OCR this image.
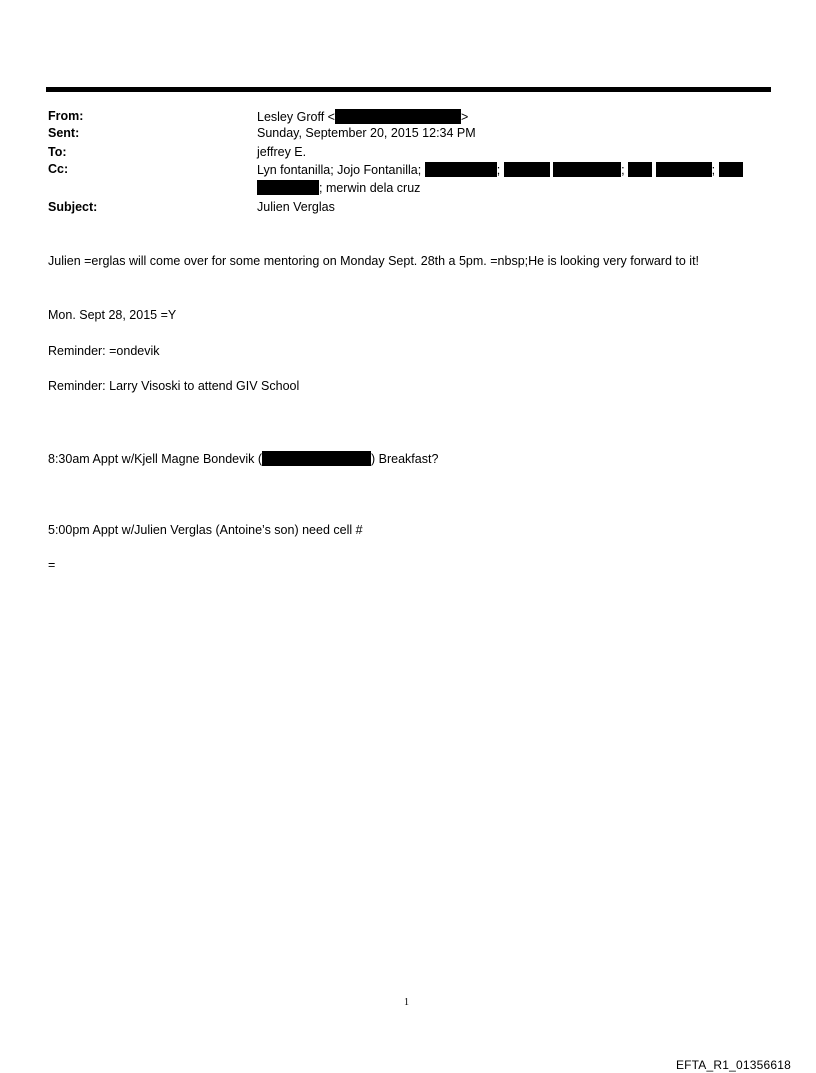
From:	Lesley Groff <	>
Sent:	Sunday, September 20, 2015 12:34 PM
To:	jeffrey E.
Cc:	Lyn fontanilla; Jojo Fontanilla;	;	;	;
; merwin dela cruz
Subject:	Julien Verglas
Julien =erglas will come over for some mentoring on Monday Sept. 28th a 5pm. =nbsp;He is looking very forward to it!
Mon. Sept 28, 2015 =Y
Reminder: =ondevik
Reminder: Larry Visoski to attend GIV School
8:30am Appt w/Kjell Magne Bondevik (	) Breakfast?
5:00pm Appt w/Julien Verglas (Antoine’s son) need cell #
=
1
EFTA_R1_01356618
